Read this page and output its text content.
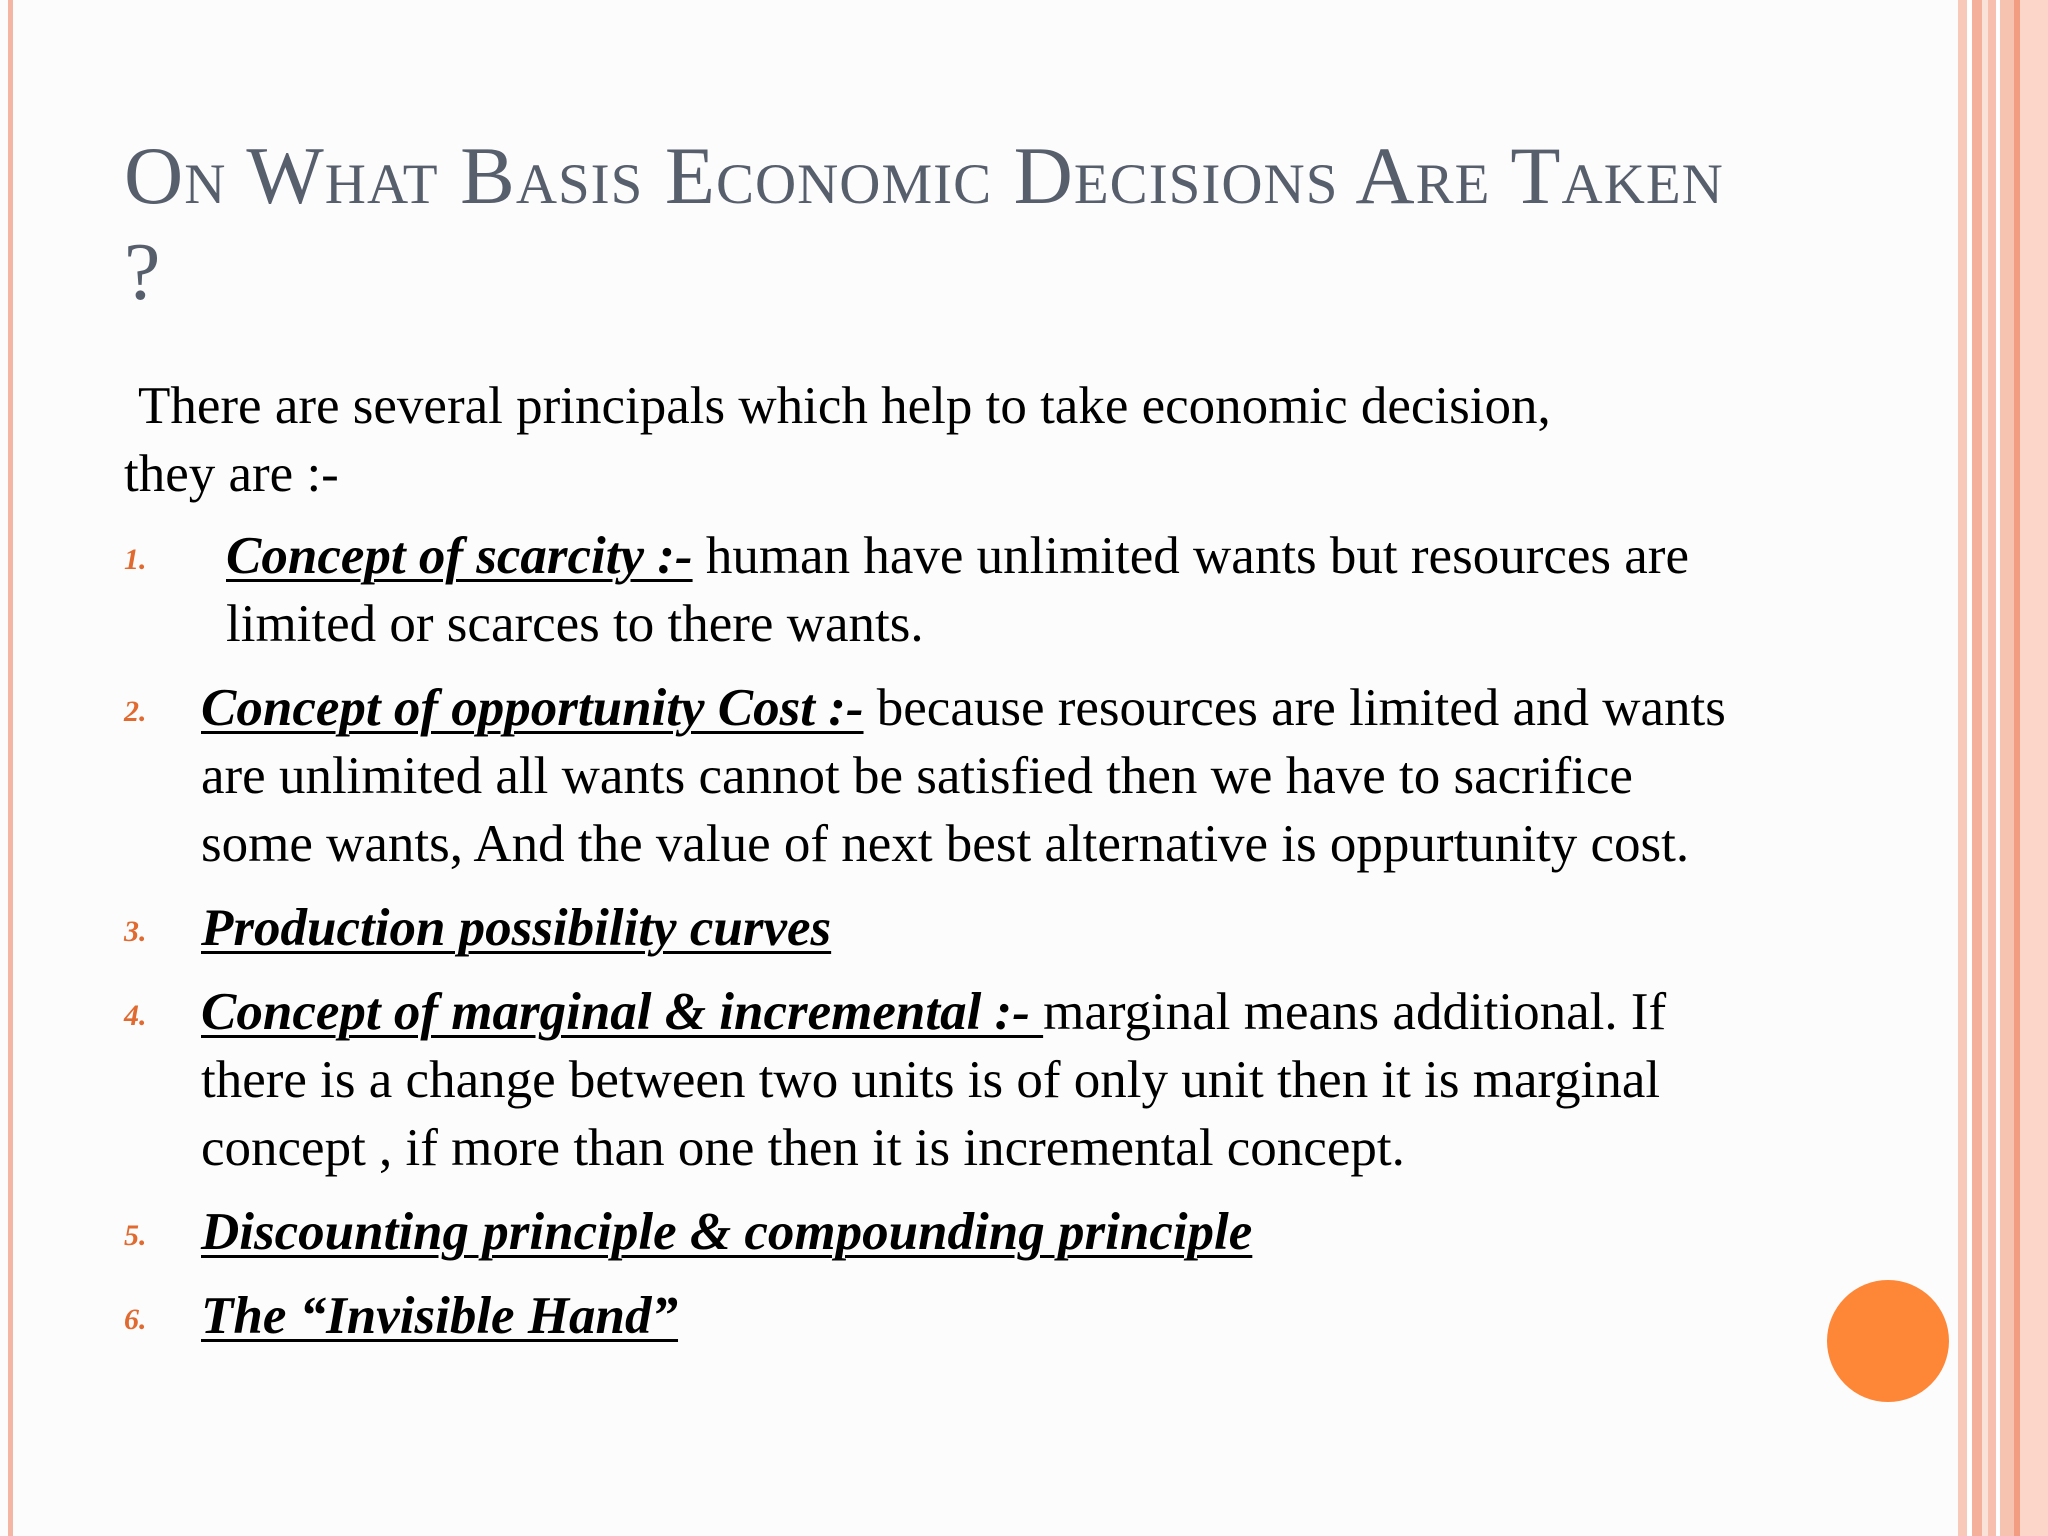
On What Basis Economic Decisions Are Taken ?

There are several principals which help to take economic decision,
they are :-

1. Concept of scarcity :- human have unlimited wants but resources are limited or scarces to there wants.
2. Concept of opportunity Cost :- because resources are limited and wants are unlimited all wants cannot be satisfied then we have to sacrifice some wants, And the value of next best alternative is oppurtunity cost.
3. Production possibility curves
4. Concept of marginal & incremental :- marginal means additional. If there is a change between two units is of only unit then it is marginal concept , if more than one then it is incremental concept.
5. Discounting principle & compounding principle
6. The “Invisible Hand”
